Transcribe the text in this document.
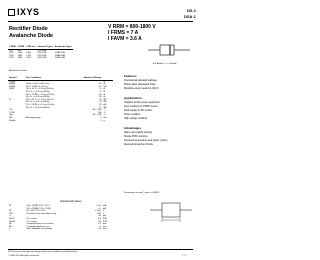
IXYS	DS 2
DSA 2
Rectifier Diode
Avalanche Diode
V RRM = 800-1800 V
I FRMS = 7 A
I FAVM = 3.6 A
V RSM	V RRM	V BR min	Standard Types	Avalanche Types
900	800		DS2-08A	
1300	1200	1300	DS2-12A	DSA2-12A
1700	1600	1700	DS2-16A	DSA2-16A
1900	1800	1900	DS2-18A	DSA2-18A
* Avalanche Diodes
A = Anode, C = Cathode
Symbol	Test Conditions	Maximum Ratings	
IFRMS		7	A
IFAVM	Tcase = 100°C; 180° sine	3.6	A
PRSM	TVJ = TVJM; tp = 10 μs	3.2	kW
IFSM	TVJ = 45°C; t = 10 ms (50 Hz)	70	A
	VR = 0; t = 8.3 ms (60 Hz)	75	A
	TVJ = TVJM; t = 10 ms (50 Hz)	60	A
	VR = 0; t = 8.3 ms (60 Hz)	65	A
i²t	TVJ = 45°C; t = 10 ms (50 Hz)	25	A²s
	VR = 0; t = 8.3 ms (60 Hz)	23	A²s
	TVJ = TVJM; t = 10 ms (50 Hz)	18	A²s
	VR = 0; t = 8.3 ms (60 Hz)	17	A²s
TVJ		-40...+180	°C
TVJM		180	°C
Tstg		-40...+180	°C
Md	Mounting torque	2	Nm
Weight		4	g
Features
International standard package
Planar glass passivated chips
Moulding epoxy meets UL 94V-0
Applications
Supplies for DC power equipment
Input rectifiers for PWM inverter
Field supply for DC motors
Power supplies
High voltage rectifiers
Advantages
Space and weight savings
Simple PCB mounting
Improved temperature and power cycling
Reduced protection circuits
Dimensions in mm (1 mm = 0.0394")
Characteristic Values
IR	VR = VRRM; TVJ = 25°C	≤ 0.3	mA
	VR = VRRM; TVJ = TVJM	≤ 1	mA
VF	IF = 9 A; TVJ = 25°C	≤ 1.64	V
VT0	For power-loss calculations only	0.85	V
rT		60	mΩ
RthJC	DC current	5.4	K/W
RthJA	DC current	36	K/W
dS	Creeping distance on surface	4.2	mm
dA	Creepage distance in air	4	mm
a	Max. allowable acceleration	50	m/s²
IXYS reserves the right to change limits, test conditions and dimensions
© 2000 IXYS All rights reserved	1 - 2
